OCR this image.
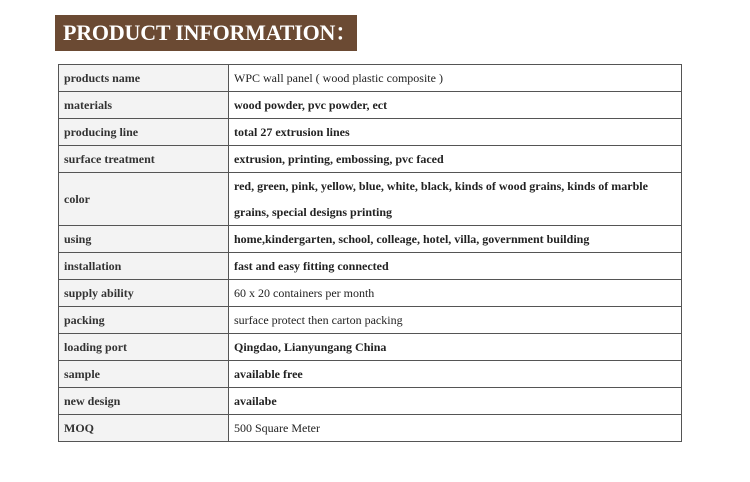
PRODUCT INFORMATION：
products name	WPC wall panel ( wood plastic composite )
materials	wood powder, pvc powder, ect
producing line	total 27 extrusion lines
surface treatment	extrusion, printing, embossing, pvc faced
color	red, green, pink, yellow, blue, white, black, kinds of wood grains, kinds of marble grains, special designs printing
using	home,kindergarten, school, colleage, hotel, villa, government building
installation	fast and easy fitting connected
supply ability	60 x 20 containers per month
packing	surface protect then carton packing
loading port	Qingdao, Lianyungang China
sample	available free
new design	availabe
MOQ	500 Square Meter
